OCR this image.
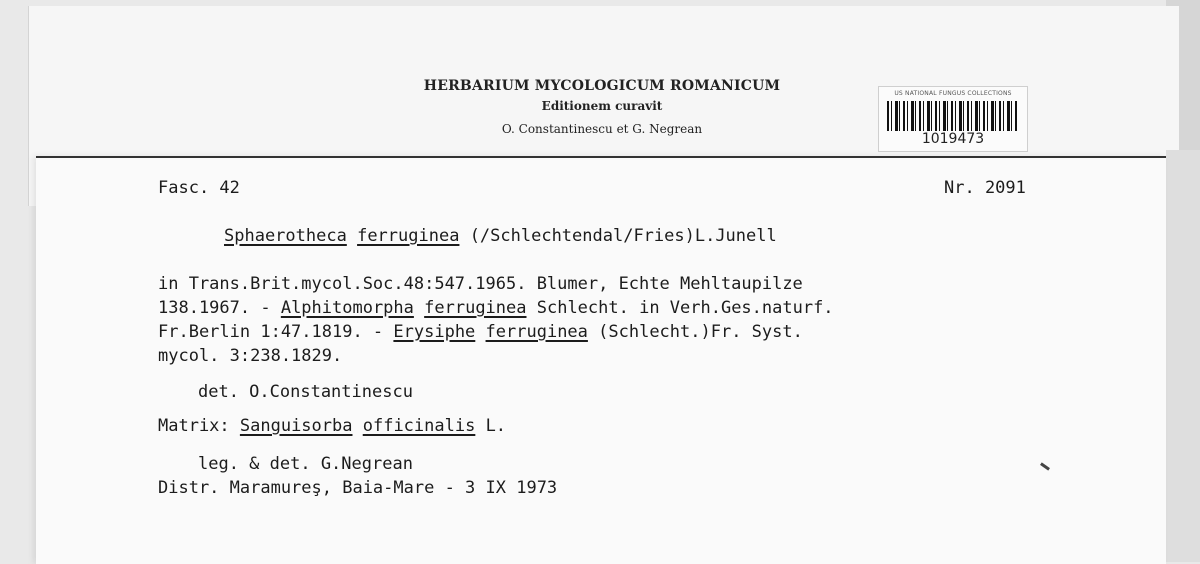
HERBARIUM MYCOLOGICUM ROMANICUM
Editionem curavit
O. Constantinescu et G. Negrean
US NATIONAL FUNGUS COLLECTIONS
1019473
Fasc. 42	Nr. 2091
Sphaerotheca ferruginea (/Schlechtendal/Fries)L.Junell
in Trans.Brit.mycol.Soc.48:547.1965. Blumer, Echte Mehltaupilze
138.1967. - Alphitomorpha ferruginea Schlecht. in Verh.Ges.naturf.
Fr.Berlin 1:47.1819. - Erysiphe ferruginea (Schlecht.)Fr. Syst.
mycol. 3:238.1829.
det. O.Constantinescu
Matrix: Sanguisorba officinalis L.
leg. & det. G.Negrean
Distr. Maramureş, Baia-Mare - 3 IX 1973
